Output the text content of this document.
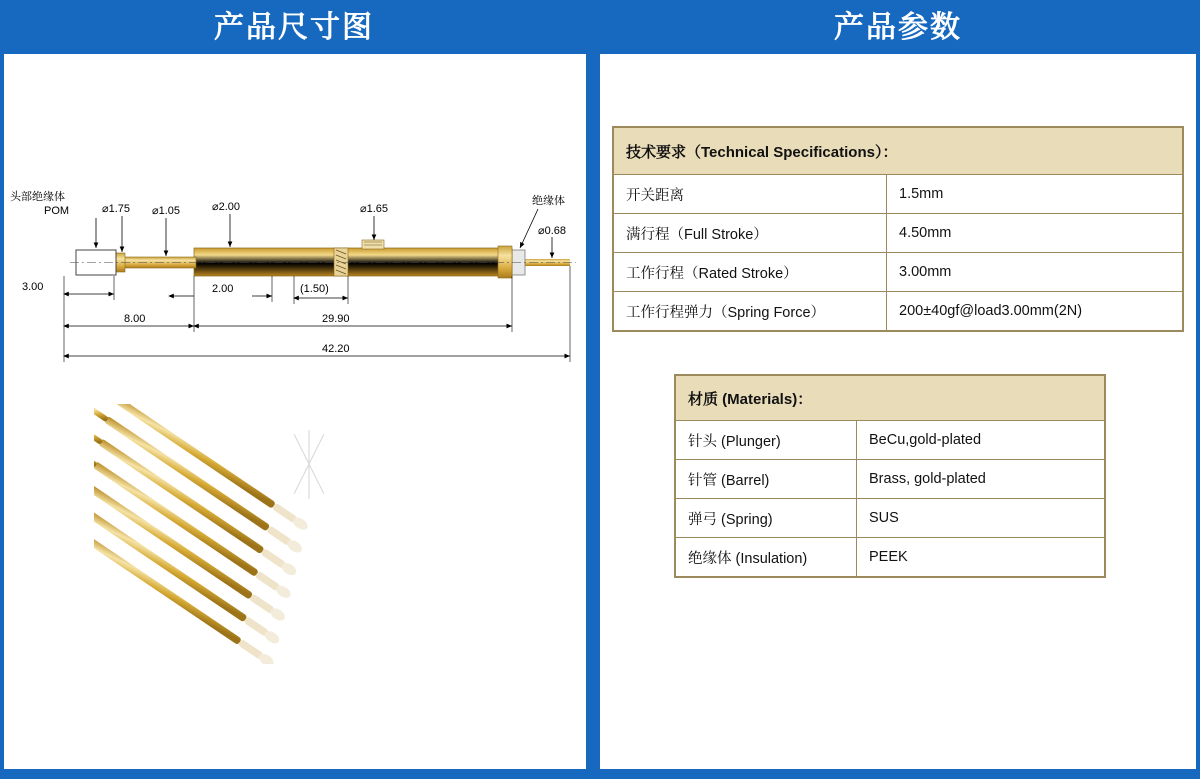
产品尺寸图	产品参数
头部绝缘体
POM
绝缘体
⌀1.75 ⌀1.05	⌀2.00	⌀1.65
⌀0.68
3.00	2.00	(1.50)
8.00	29.90
42.20
技术要求（Technical Specifications）：	
开关距离	1.5mm
满行程（Full Stroke）	4.50mm
工作行程（Rated Stroke）	3.00mm
工作行程弹力（Spring Force）	200±40gf@load3.00mm(2N)
材质 (Materials)：	
针头 (Plunger)	BeCu,gold-plated
针管 (Barrel)	Brass, gold-plated
弹弓 (Spring)	SUS
绝缘体 (Insulation)	PEEK
